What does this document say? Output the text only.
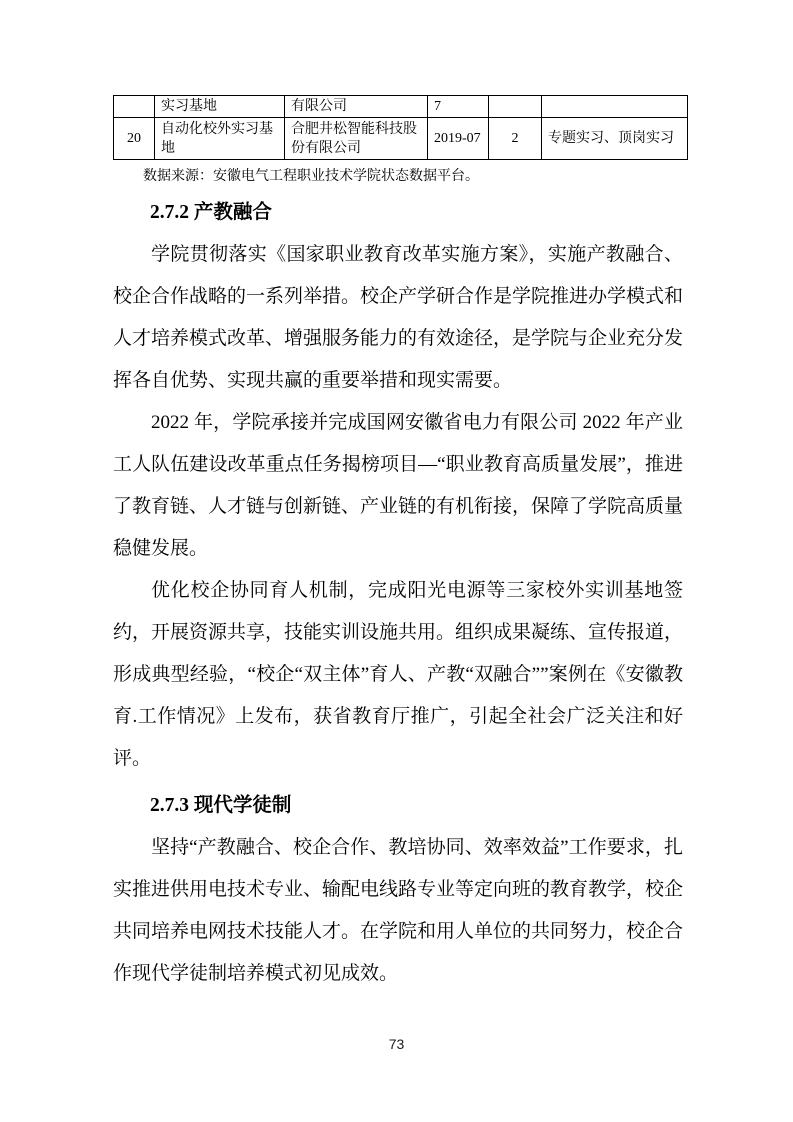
	实习基地	有限公司	7		
20	自动化校外实习基地	合肥井松智能科技股份有限公司	2019-07	2	专题实习、顶岗实习

数据来源：安徽电气工程职业技术学院状态数据平台。

2.7.2 产教融合

学院贯彻落实《国家职业教育改革实施方案》，实施产教融合、校企合作战略的一系列举措。校企产学研合作是学院推进办学模式和人才培养模式改革、增强服务能力的有效途径，是学院与企业充分发挥各自优势、实现共赢的重要举措和现实需要。

2022 年，学院承接并完成国网安徽省电力有限公司 2022 年产业工人队伍建设改革重点任务揭榜项目—“职业教育高质量发展”，推进了教育链、人才链与创新链、产业链的有机衔接，保障了学院高质量稳健发展。

优化校企协同育人机制，完成阳光电源等三家校外实训基地签约，开展资源共享，技能实训设施共用。组织成果凝练、宣传报道，形成典型经验，“校企“双主体”育人、产教“双融合””案例在《安徽教育.工作情况》上发布，获省教育厅推广，引起全社会广泛关注和好评。

2.7.3 现代学徒制

坚持“产教融合、校企合作、教培协同、效率效益”工作要求，扎实推进供用电技术专业、输配电线路专业等定向班的教育教学，校企共同培养电网技术技能人才。在学院和用人单位的共同努力，校企合作现代学徒制培养模式初见成效。

73
